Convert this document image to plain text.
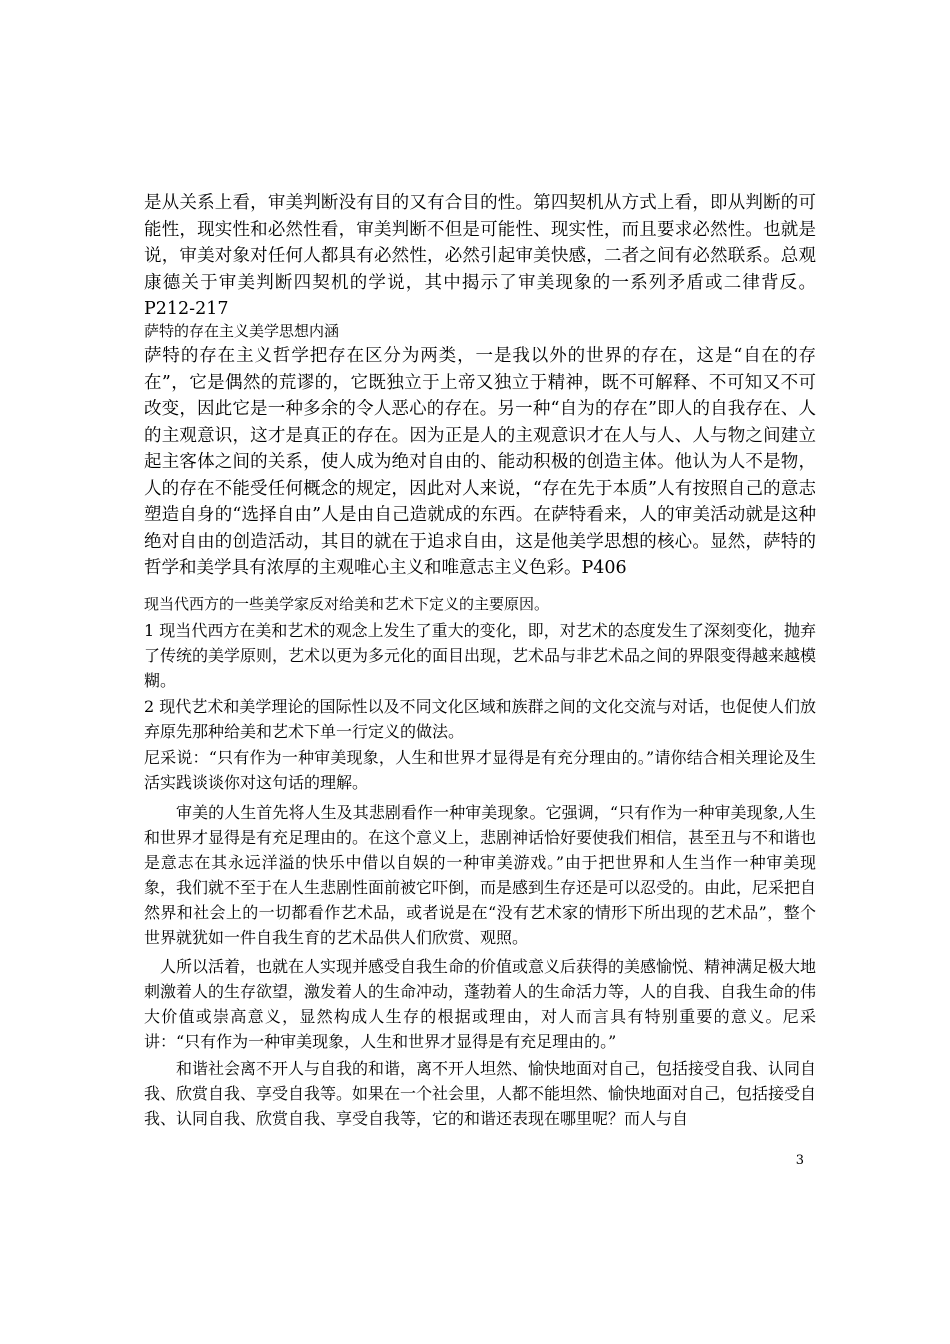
是从关系上看，审美判断没有目的又有合目的性。第四契机从方式上看，即从判断的可能性，现实性和必然性看，审美判断不但是可能性、现实性，而且要求必然性。也就是说，审美对象对任何人都具有必然性，必然引起审美快感，二者之间有必然联系。总观康德关于审美判断四契机的学说，其中揭示了审美现象的一系列矛盾或二律背反。P212-217

萨特的存在主义美学思想内涵

萨特的存在主义哲学把存在区分为两类，一是我以外的世界的存在，这是“自在的存在”，它是偶然的荒谬的，它既独立于上帝又独立于精神，既不可解释、不可知又不可改变，因此它是一种多余的令人恶心的存在。另一种“自为的存在”即人的自我存在、人的主观意识，这才是真正的存在。因为正是人的主观意识才在人与人、人与物之间建立起主客体之间的关系，使人成为绝对自由的、能动积极的创造主体。他认为人不是物，人的存在不能受任何概念的规定，因此对人来说，“存在先于本质”人有按照自己的意志塑造自身的“选择自由”人是由自己造就成的东西。在萨特看来，人的审美活动就是这种绝对自由的创造活动，其目的就在于追求自由，这是他美学思想的核心。显然，萨特的哲学和美学具有浓厚的主观唯心主义和唯意志主义色彩。P406

现当代西方的一些美学家反对给美和艺术下定义的主要原因。

1 现当代西方在美和艺术的观念上发生了重大的变化，即，对艺术的态度发生了深刻变化，抛弃了传统的美学原则，艺术以更为多元化的面目出现，艺术品与非艺术品之间的界限变得越来越模糊。

2 现代艺术和美学理论的国际性以及不同文化区域和族群之间的文化交流与对话，也促使人们放弃原先那种给美和艺术下单一行定义的做法。

尼采说：“只有作为一种审美现象，人生和世界才显得是有充分理由的。”请你结合相关理论及生活实践谈谈你对这句话的理解。

审美的人生首先将人生及其悲剧看作一种审美现象。它强调，“只有作为一种审美现象,人生和世界才显得是有充足理由的。在这个意义上，悲剧神话恰好要使我们相信，甚至丑与不和谐也是意志在其永远洋溢的快乐中借以自娱的一种审美游戏。”由于把世界和人生当作一种审美现象，我们就不至于在人生悲剧性面前被它吓倒，而是感到生存还是可以忍受的。由此，尼采把自然界和社会上的一切都看作艺术品，或者说是在“没有艺术家的情形下所出现的艺术品”，整个世界就犹如一件自我生育的艺术品供人们欣赏、观照。

人所以活着，也就在人实现并感受自我生命的价值或意义后获得的美感愉悦、精神满足极大地刺激着人的生存欲望，激发着人的生命冲动，蓬勃着人的生命活力等，人的自我、自我生命的伟大价值或崇高意义，显然构成人生存的根据或理由，对人而言具有特别重要的意义。尼采讲：“只有作为一种审美现象，人生和世界才显得是有充足理由的。”

和谐社会离不开人与自我的和谐，离不开人坦然、愉快地面对自己，包括接受自我、认同自我、欣赏自我、享受自我等。如果在一个社会里，人都不能坦然、愉快地面对自己，包括接受自我、认同自我、欣赏自我、享受自我等，它的和谐还表现在哪里呢？而人与自

3
